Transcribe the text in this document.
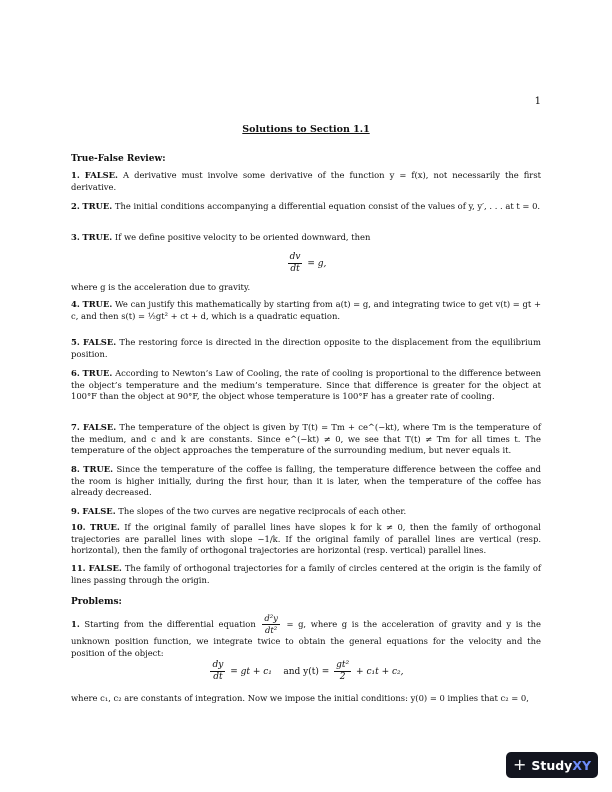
1
Solutions to Section 1.1
True-False Review:
1. FALSE. A derivative must involve some derivative of the function y = f(x), not necessarily the first derivative.
2. TRUE. The initial conditions accompanying a differential equation consist of the values of y, y′, . . . at t = 0.
3. TRUE. If we define positive velocity to be oriented downward, then
$\frac{dv}{dt} = g$,
where g is the acceleration due to gravity.
4. TRUE. We can justify this mathematically by starting from a(t) = g, and integrating twice to get v(t) = gt + c, and then s(t) = ½gt² + ct + d, which is a quadratic equation.
5. FALSE. The restoring force is directed in the direction opposite to the displacement from the equilibrium position.
6. TRUE. According to Newton’s Law of Cooling, the rate of cooling is proportional to the difference between the object’s temperature and the medium’s temperature. Since that difference is greater for the object at 100°F than the object at 90°F, the object whose temperature is 100°F has a greater rate of cooling.
7. FALSE. The temperature of the object is given by T(t) = Tm + ce^(−kt), where Tm is the temperature of the medium, and c and k are constants. Since e^(−kt) ≠ 0, we see that T(t) ≠ Tm for all times t. The temperature of the object approaches the temperature of the surrounding medium, but never equals it.
8. TRUE. Since the temperature of the coffee is falling, the temperature difference between the coffee and the room is higher initially, during the first hour, than it is later, when the temperature of the coffee has already decreased.
9. FALSE. The slopes of the two curves are negative reciprocals of each other.
10. TRUE. If the original family of parallel lines have slopes k for k ≠ 0, then the family of orthogonal trajectories are parallel lines with slope −1/k. If the original family of parallel lines are vertical (resp. horizontal), then the family of orthogonal trajectories are horizontal (resp. vertical) parallel lines.
11. FALSE. The family of orthogonal trajectories for a family of circles centered at the origin is the family of lines passing through the origin.
Problems:
1. Starting from the differential equation $\frac{\text{d²y}}{\text{dt²}} = g$, where g is the acceleration of gravity and y is the unknown position function, we integrate twice to obtain the general equations for the velocity and the position of the object:
$\frac{dy}{dt}$ = gt + c₁ and $y(t) = \frac{\text{gt²}}{2} + c_1t + c_2$,
where c₁, c₂ are constants of integration. Now we impose the initial conditions: y(0) = 0 implies that c₂ = 0,
+ StudyXY
